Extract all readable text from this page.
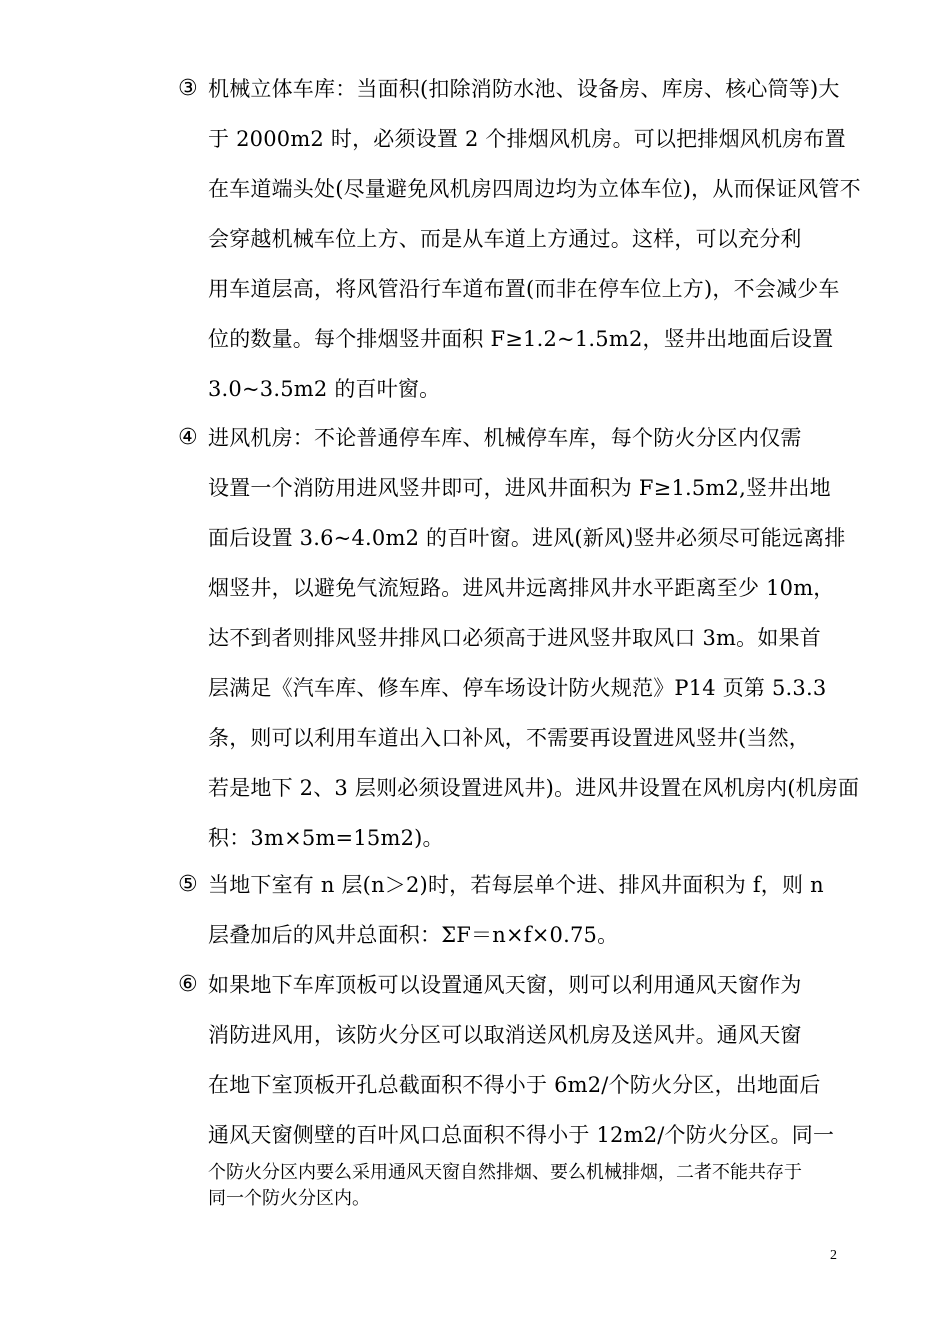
③ 机械立体车库：当面积(扣除消防水池、设备房、库房、核心筒等)大
于 2000m2 时，必须设置 2 个排烟风机房。可以把排烟风机房布置
在车道端头处(尽量避免风机房四周边均为立体车位)，从而保证风管不
会穿越机械车位上方、而是从车道上方通过。这样，可以充分利
用车道层高，将风管沿行车道布置(而非在停车位上方)，不会减少车
位的数量。每个排烟竖井面积 F≥1.2~1.5m2，竖井出地面后设置
3.0~3.5m2 的百叶窗。
④ 进风机房：不论普通停车库、机械停车库，每个防火分区内仅需
设置一个消防用进风竖井即可，进风井面积为 F≥1.5m2,竖井出地
面后设置 3.6~4.0m2 的百叶窗。进风(新风)竖井必须尽可能远离排
烟竖井，以避免气流短路。进风井远离排风井水平距离至少 10m，
达不到者则排风竖井排风口必须高于进风竖井取风口 3m。如果首
层满足《汽车库、修车库、停车场设计防火规范》P14 页第 5.3.3
条，则可以利用车道出入口补风，不需要再设置进风竖井(当然，
若是地下 2、3 层则必须设置进风井)。进风井设置在风机房内(机房面
积：3m×5m=15m2)。
⑤ 当地下室有 n 层(n＞2)时，若每层单个进、排风井面积为 f，则 n
层叠加后的风井总面积：ΣF＝n×f×0.75。
⑥ 如果地下车库顶板可以设置通风天窗，则可以利用通风天窗作为
消防进风用，该防火分区可以取消送风机房及送风井。通风天窗
在地下室顶板开孔总截面积不得小于 6m2/个防火分区，出地面后
通风天窗侧壁的百叶风口总面积不得小于 12m2/个防火分区。同一
个防火分区内要么采用通风天窗自然排烟、要么机械排烟，二者不能共存于
同一个防火分区内。
2
